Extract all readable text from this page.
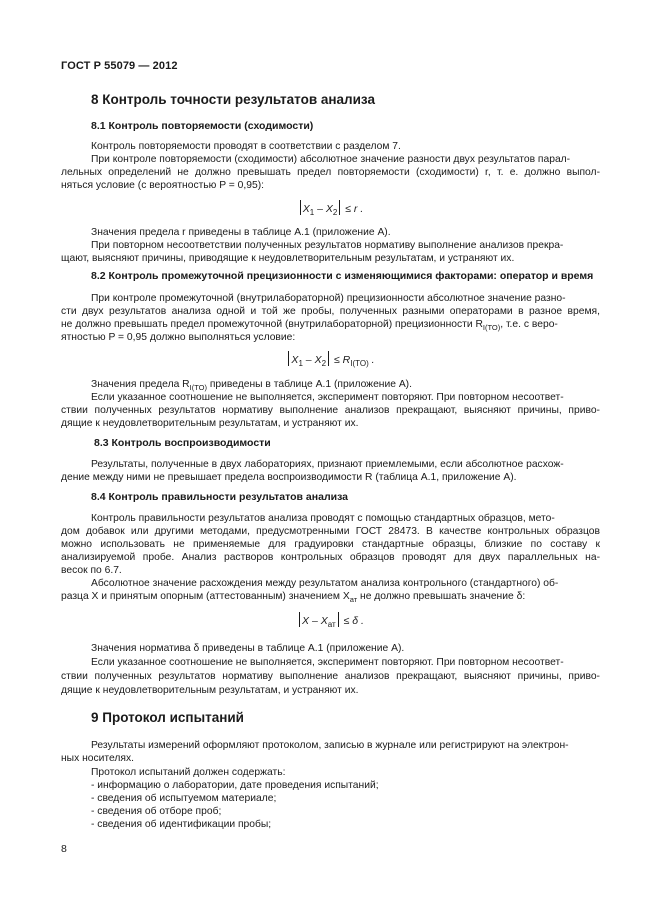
ГОСТ Р 55079 — 2012
8 Контроль точности результатов анализа
8.1 Контроль повторяемости (сходимости)
Контроль повторяемости проводят в соответствии с разделом 7.
При контроле повторяемости (сходимости) абсолютное значение разности двух результатов парал-
лельных определений не должно превышать предел повторяемости (сходимости) r, т. е. должно выпол-
няться условие (с вероятностью P = 0,95):
$X_1 - X_2 \le r$ .
Значения предела r приведены в таблице А.1 (приложение А).
При повторном несоответствии полученных результатов нормативу выполнение анализов прекра-
щают, выясняют причины, приводящие к неудовлетворительным результатам, и устраняют их.
8.2 Контроль промежуточной прецизионности с изменяющимися факторами: оператор и время
При контроле промежуточной (внутрилабораторной) прецизионности абсолютное значение разно-
сти двух результатов анализа одной и той же пробы, полученных разными операторами в разное время,
не должно превышать предел промежуточной (внутрилабораторной) прецизионности $R_{I(TO)}$, т.е. с веро-
ятностью P = 0,95 должно выполняться условие:
$X_1 - X_2 \le R_{I(TO)}$ .
Значения предела $R_{I(TO)}$ приведены в таблице А.1 (приложение А).
Если указанное соотношение не выполняется, эксперимент повторяют. При повторном несоответ-
ствии полученных результатов нормативу выполнение анализов прекращают, выясняют причины, приво-
дящие к неудовлетворительным результатам, и устраняют их.
8.3 Контроль воспроизводимости
Результаты, полученные в двух лабораториях, признают приемлемыми, если абсолютное расхож-
дение между ними не превышает предела воспроизводимости R (таблица А.1, приложение А).
8.4 Контроль правильности результатов анализа
Контроль правильности результатов анализа проводят с помощью стандартных образцов, мето-
дом добавок или другими методами, предусмотренными ГОСТ 28473. В качестве контрольных образцов
можно использовать не применяемые для градуировки стандартные образцы, близкие по составу к
анализируемой пробе. Анализ растворов контрольных образцов проводят для двух параллельных на-
весок по 6.7.
Абсолютное значение расхождения между результатом анализа контрольного (стандартного) об-
разца X и принятым опорным (аттестованным) значением $X_{ат}$ не должно превышать значение δ:
$X - X_{ат} \le \delta$ .
Значения норматива δ приведены в таблице А.1 (приложение А).
Если указанное соотношение не выполняется, эксперимент повторяют. При повторном несоответ-
ствии полученных результатов нормативу выполнение анализов прекращают, выясняют причины, приво-
дящие к неудовлетворительным результатам, и устраняют их.
9 Протокол испытаний
Результаты измерений оформляют протоколом, записью в журнале или регистрируют на электрон-
ных носителях.
Протокол испытаний должен содержать:
- информацию о лаборатории, дате проведения испытаний;
- сведения об испытуемом материале;
- сведения об отборе проб;
- сведения об идентификации пробы;
8
